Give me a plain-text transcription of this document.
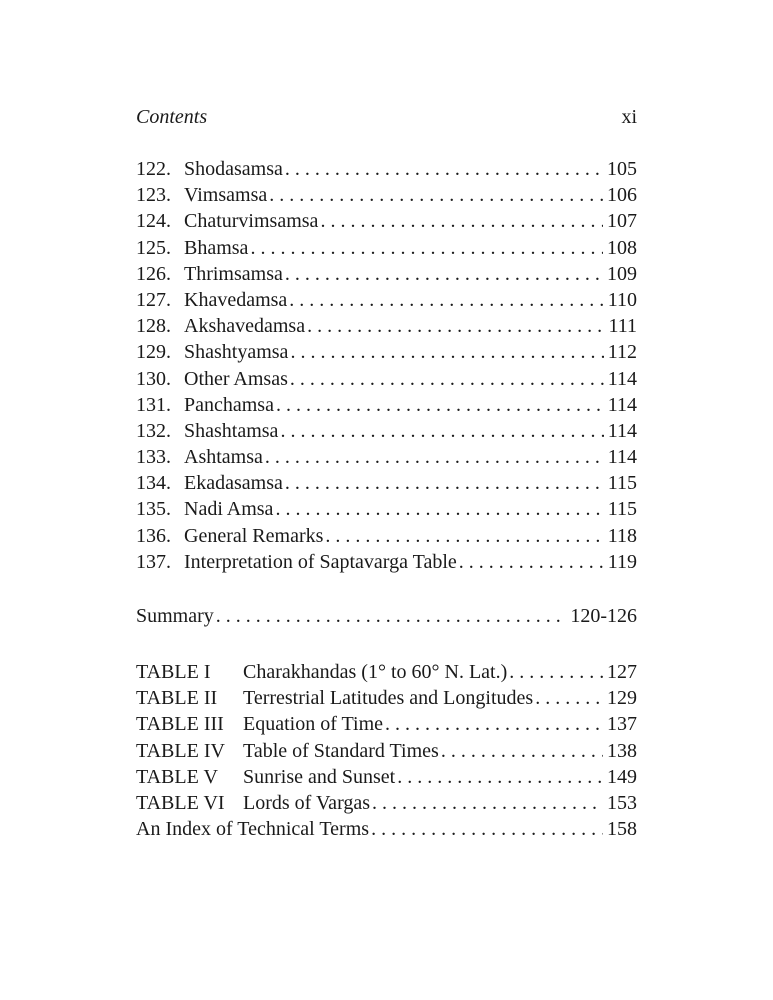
Contents	xi
122. Shodasamsa . . .	105
123. Vimsamsa . . .	106
124. Chaturvimsamsa . . .	107
125. Bhamsa . . .	108
126. Thrimsamsa . . .	109
127. Khavedamsa . . .	110
128. Akshavedamsa . . .	111
129. Shashtyamsa . . .	112
130. Other Amsas . . .	114
131. Panchamsa . . .	114
132. Shashtamsa . . .	114
133. Ashtamsa . . .	114
134. Ekadasamsa . . .	115
135. Nadi Amsa . . .	115
136. General Remarks . . .	118
137. Interpretation of Saptavarga Table . . .	119
Summary . . .	120-126
TABLE I	Charakhandas (1° to 60° N. Lat.) . . .	127
TABLE II	Terrestrial Latitudes and Longitudes . . .	129
TABLE III Equation of Time . . .	137
TABLE IV Table of Standard Times . . .	138
TABLE V	Sunrise and Sunset . . .	149
TABLE VI Lords of Vargas . . .	153
An Index of Technical Terms . . .	158
